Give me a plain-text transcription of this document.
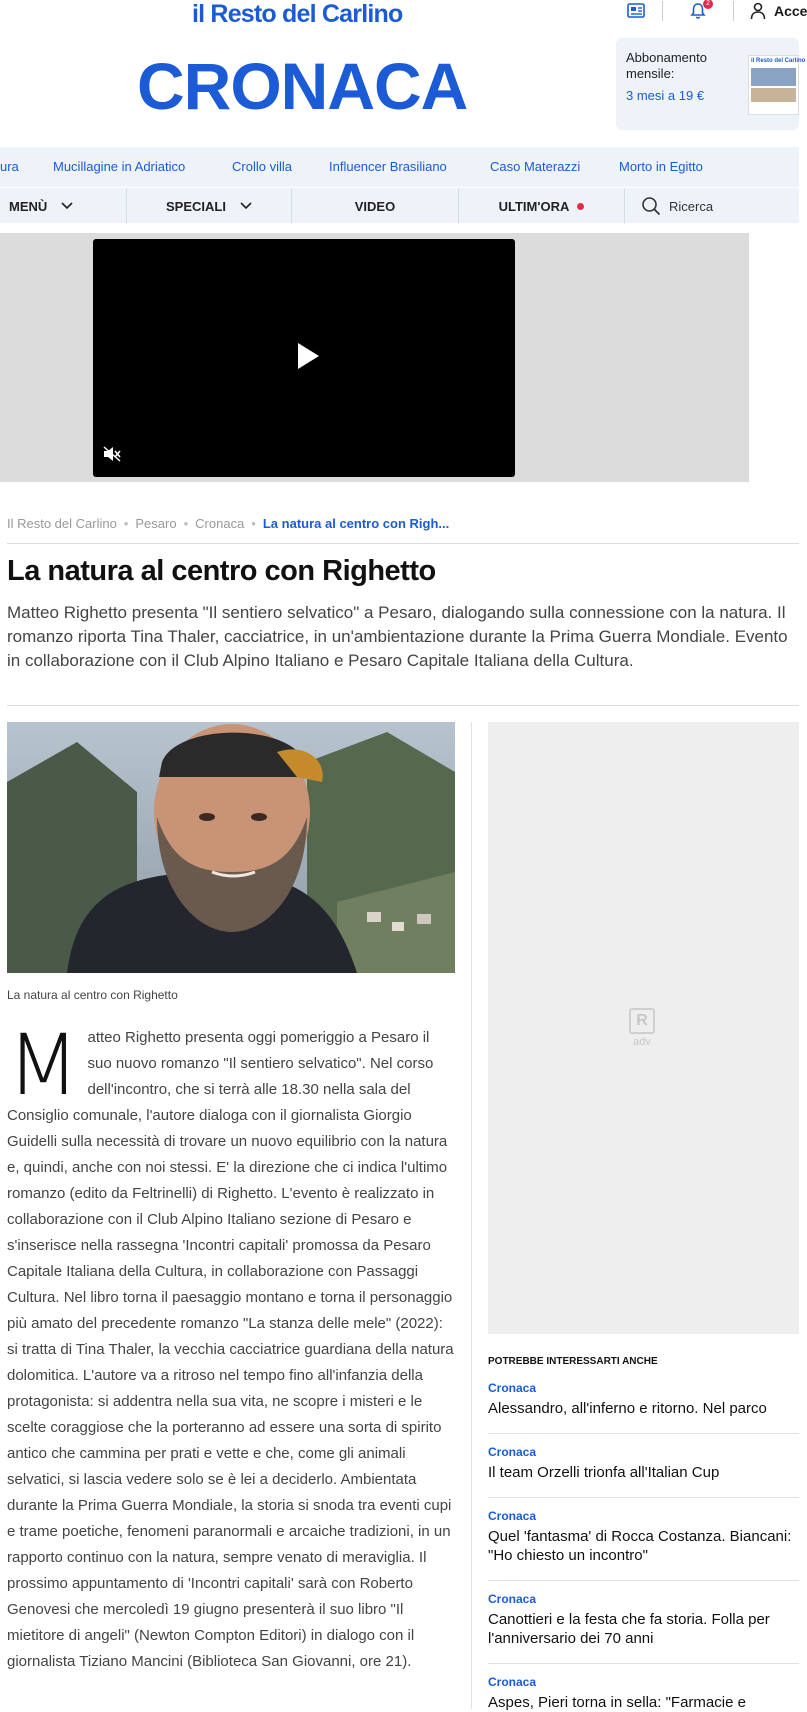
il Resto del Carlino	2	Acce
CRONACA	Abbonamento mensile:
3 mesi a 19 €
il Resto del Carlino
ura	Mucillagine in Adriatico	Crollo villa	Influencer Brasiliano	Caso Materazzi	Morto in Egitto
MENÙ	SPECIALI	VIDEO	ULTIM'ORA	Ricerca
Il Resto del Carlino • Pesaro • Cronaca • La natura al centro con Righ...
La natura al centro con Righetto

Matteo Righetto presenta "Il sentiero selvatico" a Pesaro, dialogando sulla connessione con la natura. Il romanzo riporta Tina Thaler, cacciatrice, in un'ambientazione durante la Prima Guerra Mondiale. Evento in collaborazione con il Club Alpino Italiano e Pesaro Capitale Italiana della Cultura.

La natura al centro con Righetto
M atteo Righetto presenta oggi pomeriggio a Pesaro il suo nuovo romanzo "Il sentiero selvatico". Nel corso dell'incontro, che si terrà alle 18.30 nella sala del Consiglio comunale, l'autore dialoga con il giornalista Giorgio Guidelli sulla necessità di trovare un nuovo equilibrio con la natura e, quindi, anche con noi stessi. E' la direzione che ci indica l'ultimo romanzo (edito da Feltrinelli) di Righetto. L'evento è realizzato in collaborazione con il Club Alpino Italiano sezione di Pesaro e s'inserisce nella rassegna 'Incontri capitali' promossa da Pesaro Capitale Italiana della Cultura, in collaborazione con Passaggi Cultura. Nel libro torna il paesaggio montano e torna il personaggio più amato del precedente romanzo "La stanza delle mele" (2022): si tratta di Tina Thaler, la vecchia cacciatrice guardiana della natura dolomitica. L'autore va a ritroso nel tempo fino all'infanzia della protagonista: si addentra nella sua vita, ne scopre i misteri e le scelte coraggiose che la porteranno ad essere una sorta di spirito antico che cammina per prati e vette e che, come gli animali selvatici, si lascia vedere solo se è lei a deciderlo. Ambientata durante la Prima Guerra Mondiale, la storia si snoda tra eventi cupi e trame poetiche, fenomeni paranormali e arcaiche tradizioni, in un rapporto continuo con la natura, sempre venato di meraviglia. Il prossimo appuntamento di 'Incontri capitali' sarà con Roberto Genovesi che mercoledì 19 giugno presenterà il suo libro "Il mietitore di angeli" (Newton Compton Editori) in dialogo con il giornalista Tiziano Mancini (Biblioteca San Giovanni, ore 21).

R
adv
POTREBBE INTERESSARTI ANCHE
Cronaca
Alessandro, all'inferno e ritorno. Nel parco
Cronaca
Il team Orzelli trionfa all'Italian Cup
Cronaca
Quel 'fantasma' di Rocca Costanza. Biancani: "Ho chiesto un incontro"
Cronaca
Canottieri e la festa che fa storia. Folla per l'anniversario dei 70 anni
Cronaca
Aspes, Pieri torna in sella: "Farmacie e
